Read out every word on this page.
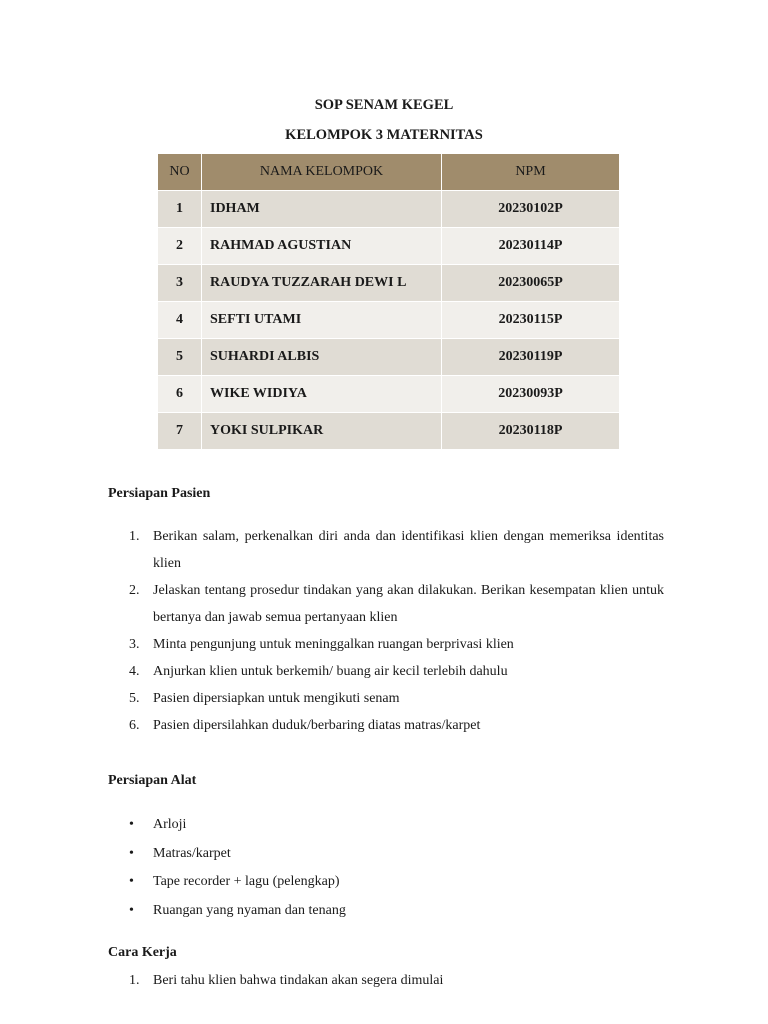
SOP SENAM KEGEL
KELOMPOK 3 MATERNITAS
NO	NAMA KELOMPOK	NPM
1	IDHAM	20230102P
2	RAHMAD AGUSTIAN	20230114P
3	RAUDYA TUZZARAH DEWI L	20230065P
4	SEFTI UTAMI	20230115P
5	SUHARDI ALBIS	20230119P
6	WIKE WIDIYA	20230093P
7	YOKI SULPIKAR	20230118P
Persiapan Pasien
1. Berikan salam, perkenalkan diri anda dan identifikasi klien dengan memeriksa identitas klien
2. Jelaskan tentang prosedur tindakan yang akan dilakukan. Berikan kesempatan klien untuk bertanya dan jawab semua pertanyaan klien
3. Minta pengunjung untuk meninggalkan ruangan berprivasi klien
4. Anjurkan klien untuk berkemih/ buang air kecil terlebih dahulu
5. Pasien dipersiapkan untuk mengikuti senam
6. Pasien dipersilahkan duduk/berbaring diatas matras/karpet
Persiapan Alat
• Arloji
• Matras/karpet
• Tape recorder + lagu (pelengkap)
• Ruangan yang nyaman dan tenang
Cara Kerja
1. Beri tahu klien bahwa tindakan akan segera dimulai
